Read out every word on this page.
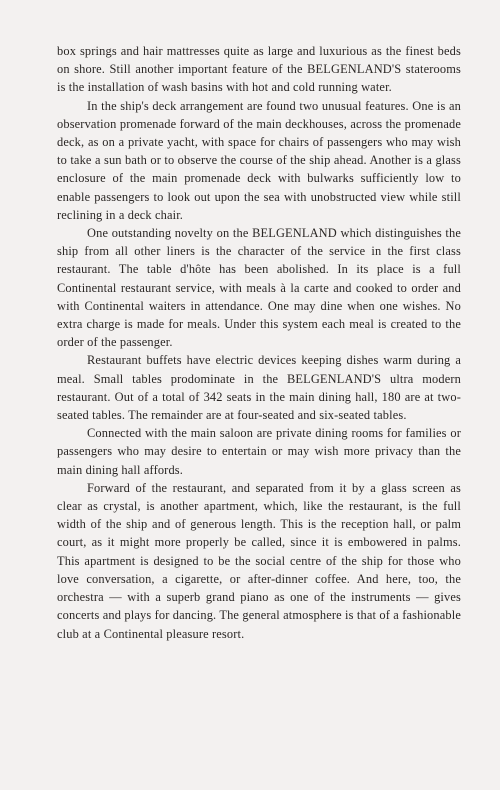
box springs and hair mattresses quite as large and luxurious as the finest beds on shore. Still another important feature of the BELGENLAND'S staterooms is the installation of wash basins with hot and cold running water.

In the ship's deck arrangement are found two unusual features. One is an observation promenade forward of the main deckhouses, across the promenade deck, as on a private yacht, with space for chairs of passengers who may wish to take a sun bath or to observe the course of the ship ahead. Another is a glass enclosure of the main promenade deck with bulwarks sufficiently low to enable passengers to look out upon the sea with unobstructed view while still reclining in a deck chair.

One outstanding novelty on the BELGENLAND which distinguishes the ship from all other liners is the character of the service in the first class restaurant. The table d'hôte has been abolished. In its place is a full Continental restaurant service, with meals à la carte and cooked to order and with Continental waiters in attendance. One may dine when one wishes. No extra charge is made for meals. Under this system each meal is created to the order of the passenger.

Restaurant buffets have electric devices keeping dishes warm during a meal. Small tables prodominate in the BELGENLAND'S ultra modern restaurant. Out of a total of 342 seats in the main dining hall, 180 are at two-seated tables. The remainder are at four-seated and six-seated tables.

Connected with the main saloon are private dining rooms for families or passengers who may desire to entertain or may wish more privacy than the main dining hall affords.

Forward of the restaurant, and separated from it by a glass screen as clear as crystal, is another apartment, which, like the restaurant, is the full width of the ship and of generous length. This is the reception hall, or palm court, as it might more properly be called, since it is embowered in palms. This apartment is designed to be the social centre of the ship for those who love conversation, a cigarette, or after-dinner coffee. And here, too, the orchestra — with a superb grand piano as one of the instruments — gives concerts and plays for dancing. The general atmosphere is that of a fashionable club at a Continental pleasure resort.
